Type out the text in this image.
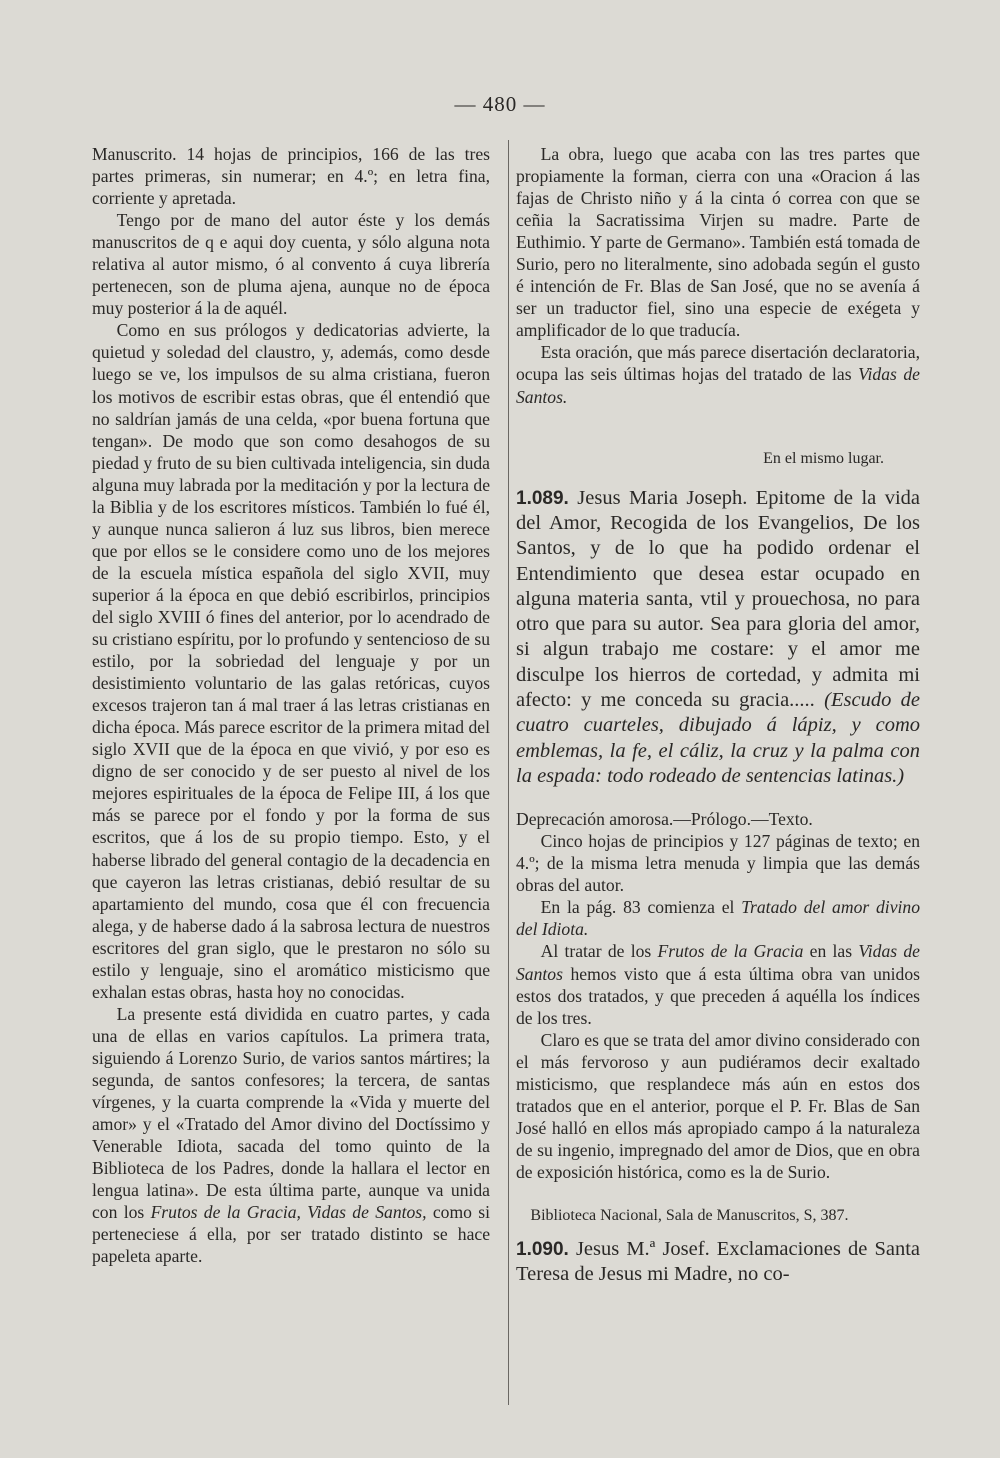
— 480 —

Manuscrito. 14 hojas de principios, 166 de las tres partes primeras, sin numerar; en 4.º; en letra fina, corriente y apretada.

Tengo por de mano del autor éste y los demás manuscritos de q e aqui doy cuenta, y sólo alguna nota relativa al autor mismo, ó al convento á cuya librería pertenecen, son de pluma ajena, aunque no de época muy posterior á la de aquél.

Como en sus prólogos y dedicatorias advierte, la quietud y soledad del claustro, y, además, como desde luego se ve, los impulsos de su alma cristiana, fueron los motivos de escribir estas obras, que él entendió que no saldrían jamás de una celda, «por buena fortuna que tengan». De modo que son como desahogos de su piedad y fruto de su bien cultivada inteligencia, sin duda alguna muy labrada por la meditación y por la lectura de la Biblia y de los escritores místicos. También lo fué él, y aunque nunca salieron á luz sus libros, bien merece que por ellos se le considere como uno de los mejores de la escuela mística española del siglo XVII, muy superior á la época en que debió escribirlos, principios del siglo XVIII ó fines del anterior, por lo acendrado de su cristiano espíritu, por lo profundo y sentencioso de su estilo, por la sobriedad del lenguaje y por un desistimiento voluntario de las galas retóricas, cuyos excesos trajeron tan á mal traer á las letras cristianas en dicha época. Más parece escritor de la primera mitad del siglo XVII que de la época en que vivió, y por eso es digno de ser conocido y de ser puesto al nivel de los mejores espirituales de la época de Felipe III, á los que más se parece por el fondo y por la forma de sus escritos, que á los de su propio tiempo. Esto, y el haberse librado del general contagio de la decadencia en que cayeron las letras cristianas, debió resultar de su apartamiento del mundo, cosa que él con frecuencia alega, y de haberse dado á la sabrosa lectura de nuestros escritores del gran siglo, que le prestaron no sólo su estilo y lenguaje, sino el aromático misticismo que exhalan estas obras, hasta hoy no conocidas.

La presente está dividida en cuatro partes, y cada una de ellas en varios capítulos. La primera trata, siguiendo á Lorenzo Surio, de varios santos mártires; la segunda, de santos confesores; la tercera, de santas vírgenes, y la cuarta comprende la «Vida y muerte del amor» y el «Tratado del Amor divino del Doctíssimo y Venerable Idiota, sacada del tomo quinto de la Biblioteca de los Padres, donde la hallara el lector en lengua latina». De esta última parte, aunque va unida con los Frutos de la Gracia, Vidas de Santos, como si perteneciese á ella, por ser tratado distinto se hace papeleta aparte.

La obra, luego que acaba con las tres partes que propiamente la forman, cierra con una «Oracion á las fajas de Christo niño y á la cinta ó correa con que se ceñia la Sacratissima Virjen su madre. Parte de Euthimio. Y parte de Germano». También está tomada de Surio, pero no literalmente, sino adobada según el gusto é intención de Fr. Blas de San José, que no se avenía á ser un traductor fiel, sino una especie de exégeta y amplificador de lo que traducía.

Esta oración, que más parece disertación declaratoria, ocupa las seis últimas hojas del tratado de las Vidas de Santos.

En el mismo lugar.

1.089. Jesus Maria Joseph. Epitome de la vida del Amor, Recogida de los Evangelios, De los Santos, y de lo que ha podido ordenar el Entendimiento que desea estar ocupado en alguna materia santa, vtil y prouechosa, no para otro que para su autor. Sea para gloria del amor, si algun trabajo me costare: y el amor me disculpe los hierros de cortedad, y admita mi afecto: y me conceda su gracia..... (Escudo de cuatro cuarteles, dibujado á lápiz, y como emblemas, la fe, el cáliz, la cruz y la palma con la espada: todo rodeado de sentencias latinas.)

Deprecación amorosa.—Prólogo.—Texto.

Cinco hojas de principios y 127 páginas de texto; en 4.º; de la misma letra menuda y limpia que las demás obras del autor.

En la pág. 83 comienza el Tratado del amor divino del Idiota.

Al tratar de los Frutos de la Gracia en las Vidas de Santos hemos visto que á esta última obra van unidos estos dos tratados, y que preceden á aquélla los índices de los tres.

Claro es que se trata del amor divino considerado con el más fervoroso y aun pudiéramos decir exaltado misticismo, que resplandece más aún en estos dos tratados que en el anterior, porque el P. Fr. Blas de San José halló en ellos más apropiado campo á la naturaleza de su ingenio, impregnado del amor de Dios, que en obra de exposición histórica, como es la de Surio.

Biblioteca Nacional, Sala de Manuscritos, S, 387.

1.090. Jesus M.ª Josef. Exclamaciones de Santa Teresa de Jesus mi Madre, no co-
